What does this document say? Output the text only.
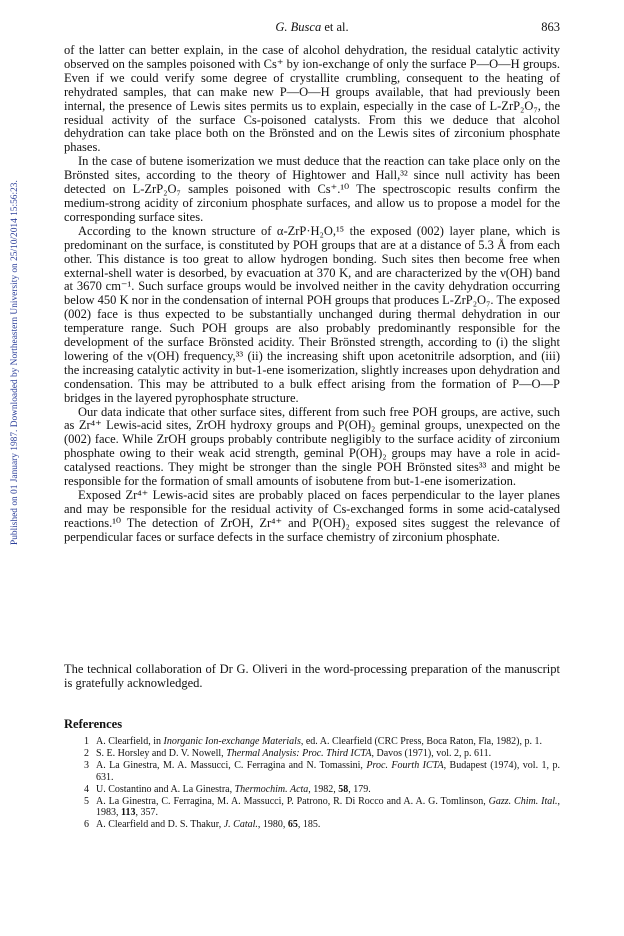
G. Busca et al.	863
Published on 01 January 1987. Downloaded by Northeastern University on 25/10/2014 15:56:23.

of the latter can better explain, in the case of alcohol dehydration, the residual catalytic activity observed on the samples poisoned with Cs⁺ by ion-exchange of only the surface P—O—H groups. Even if we could verify some degree of crystallite crumbling, consequent to the heating of rehydrated samples, that can make new P—O—H groups available, that had previously been internal, the presence of Lewis sites permits us to explain, especially in the case of L-ZrP₂O₇, the residual activity of the surface Cs-poisoned catalysts. From this we deduce that alcohol dehydration can take place both on the Brönsted and on the Lewis sites of zirconium phosphate phases.

In the case of butene isomerization we must deduce that the reaction can take place only on the Brönsted sites, according to the theory of Hightower and Hall,³² since null activity has been detected on L-ZrP₂O₇ samples poisoned with Cs⁺.¹⁰ The spectroscopic results confirm the medium-strong acidity of zirconium phosphate surfaces, and allow us to propose a model for the corresponding surface sites.

According to the known structure of α-ZrP·H₂O,¹⁵ the exposed (002) layer plane, which is predominant on the surface, is constituted by POH groups that are at a distance of 5.3 Å from each other. This distance is too great to allow hydrogen bonding. Such sites then become free when external-shell water is desorbed, by evacuation at 370 K, and are characterized by the ν(OH) band at 3670 cm⁻¹. Such surface groups would be involved neither in the cavity dehydration occurring below 450 K nor in the condensation of internal POH groups that produces L-ZrP₂O₇. The exposed (002) face is thus expected to be substantially unchanged during thermal dehydration in our temperature range. Such POH groups are also probably predominantly responsible for the development of the surface Brönsted acidity. Their Brönsted strength, according to (i) the slight lowering of the ν(OH) frequency,³³ (ii) the increasing shift upon acetonitrile adsorption, and (iii) the increasing catalytic activity in but-1-ene isomerization, slightly increases upon dehydration and condensation. This may be attributed to a bulk effect arising from the formation of P—O—P bridges in the layered pyrophosphate structure.

Our data indicate that other surface sites, different from such free POH groups, are active, such as Zr⁴⁺ Lewis-acid sites, ZrOH hydroxy groups and P(OH)₂ geminal groups, unexpected on the (002) face. While ZrOH groups probably contribute negligibly to the surface acidity of zirconium phosphate owing to their weak acid strength, geminal P(OH)₂ groups may have a role in acid-catalysed reactions. They might be stronger than the single POH Brönsted sites³³ and might be responsible for the formation of small amounts of isobutene from but-1-ene isomerization.

Exposed Zr⁴⁺ Lewis-acid sites are probably placed on faces perpendicular to the layer planes and may be responsible for the residual activity of Cs-exchanged forms in some acid-catalysed reactions.¹⁰ The detection of ZrOH, Zr⁴⁺ and P(OH)₂ exposed sites suggest the relevance of perpendicular faces or surface defects in the surface chemistry of zirconium phosphate.

The technical collaboration of Dr G. Oliveri in the word-processing preparation of the manuscript is gratefully acknowledged.

References
1 A. Clearfield, in Inorganic Ion-exchange Materials, ed. A. Clearfield (CRC Press, Boca Raton, Fla, 1982), p. 1.
2 S. E. Horsley and D. V. Nowell, Thermal Analysis: Proc. Third ICTA, Davos (1971), vol. 2, p. 611.
3 A. La Ginestra, M. A. Massucci, C. Ferragina and N. Tomassini, Proc. Fourth ICTA, Budapest (1974), vol. 1, p. 631.
4 U. Costantino and A. La Ginestra, Thermochim. Acta, 1982, 58, 179.
5 A. La Ginestra, C. Ferragina, M. A. Massucci, P. Patrono, R. Di Rocco and A. A. G. Tomlinson, Gazz. Chim. Ital., 1983, 113, 357.
6 A. Clearfield and D. S. Thakur, J. Catal., 1980, 65, 185.
